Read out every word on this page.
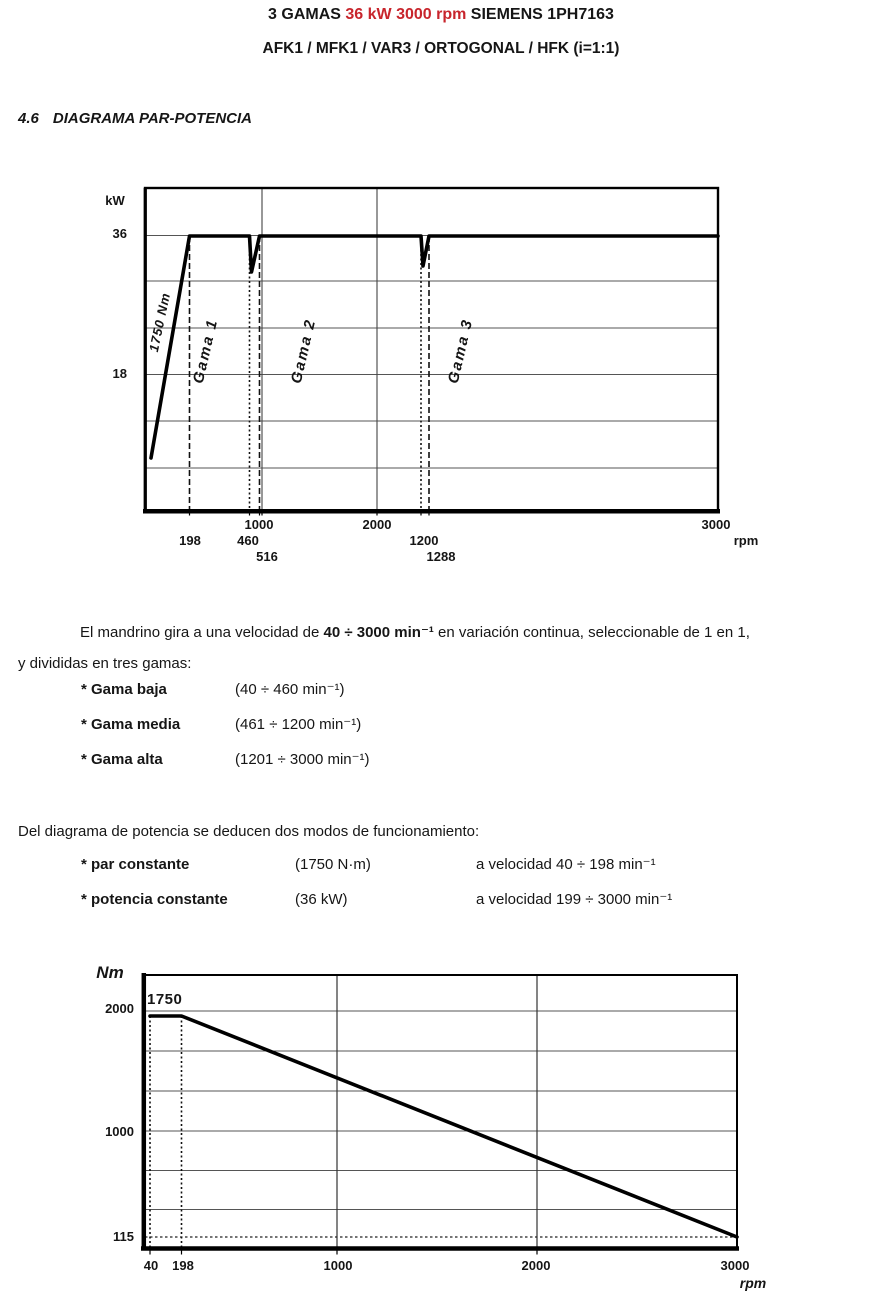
3 GAMAS 36 kW 3000 rpm SIEMENS 1PH7163
AFK1 / MFK1 / VAR3 / ORTOGONAL / HFK (i=1:1)
4.6 DIAGRAMA PAR-POTENCIA
kW
36
18
1000	2000	3000
198	460	1200
516	1288
rpm
1750 Nm Gama 1	Gama 2	Gama 3
El mandrino gira a una velocidad de 40 ÷ 3000 min⁻¹ en variación continua, seleccionable de 1 en 1,
y divididas en tres gamas:
* Gama baja	(40 ÷ 460 min⁻¹)
* Gama media	(461 ÷ 1200 min⁻¹)
* Gama alta	(1201 ÷ 3000 min⁻¹)
Del diagrama de potencia se deducen dos modos de funcionamiento:
* par constante	(1750 N·m)	a velocidad 40 ÷ 198 min⁻¹
* potencia constante	(36 kW)	a velocidad 199 ÷ 3000 min⁻¹
Nm
2000
1000
115
40 198	1000	2000	3000
1750
rpm
